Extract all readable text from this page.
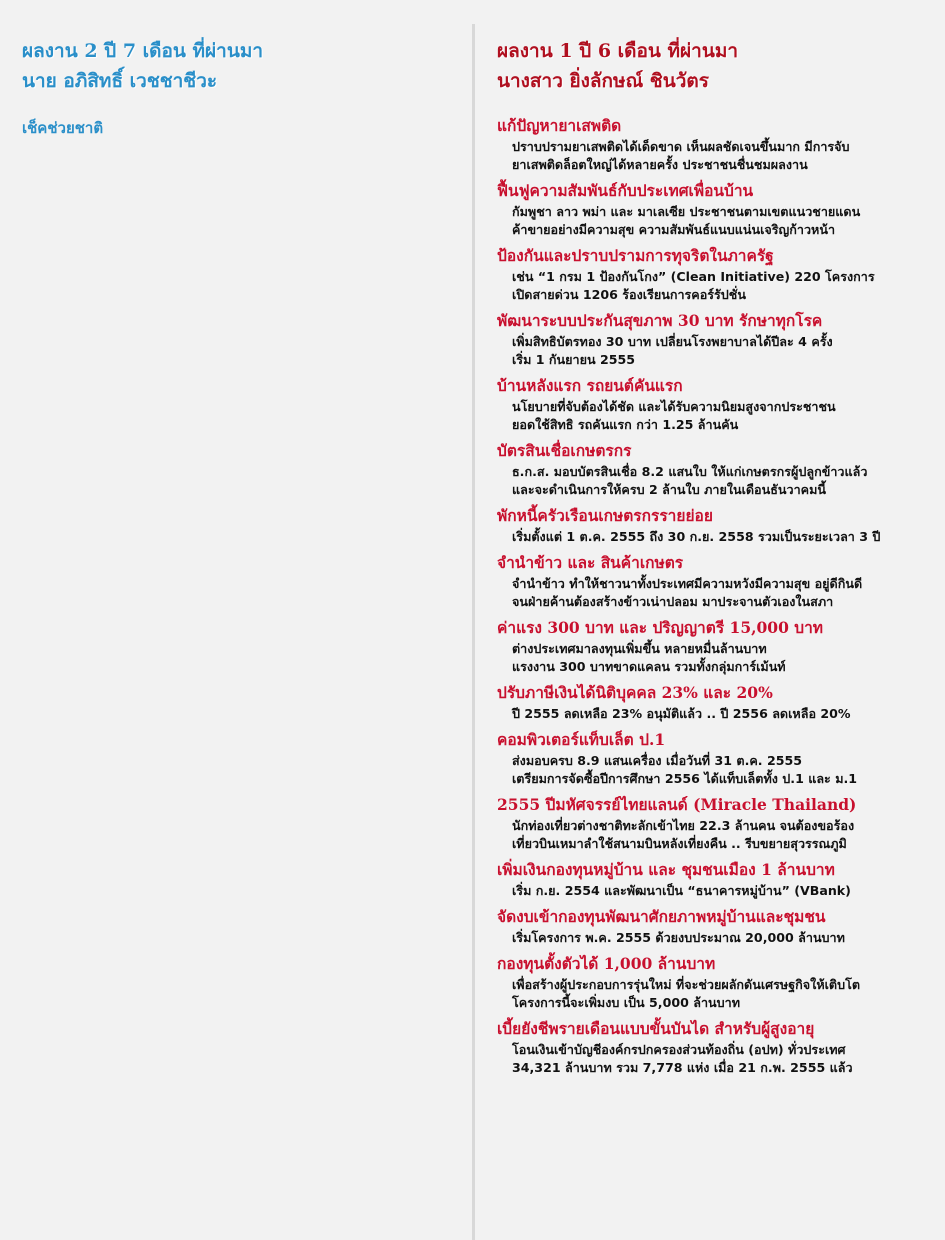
ผลงาน 2 ปี 7 เดือน ที่ผ่านมา
นาย อภิสิทธิ์ เวชชาชีวะ
เช็คช่วยชาติ
ผลงาน 1 ปี 6 เดือน ที่ผ่านมา
นางสาว ยิ่งลักษณ์ ชินวัตร
แก้ปัญหายาเสพติด
ปราบปรามยาเสพติดได้เด็ดขาด เห็นผลชัดเจนขึ้นมาก มีการจับ
ยาเสพติดล็อตใหญ่ได้หลายครั้ง ประชาชนชื่นชมผลงาน
ฟื้นฟูความสัมพันธ์กับประเทศเพื่อนบ้าน
กัมพูชา ลาว พม่า และ มาเลเซีย ประชาชนตามเขตแนวชายแดน
ค้าขายอย่างมีความสุข ความสัมพันธ์แนบแน่นเจริญก้าวหน้า
ป้องกันและปราบปรามการทุจริตในภาครัฐ
เช่น “1 กรม 1 ป้องกันโกง” (Clean Initiative) 220 โครงการ
เปิดสายด่วน 1206 ร้องเรียนการคอร์รัปชั่น
พัฒนาระบบประกันสุขภาพ 30 บาท รักษาทุกโรค
เพิ่มสิทธิบัตรทอง 30 บาท เปลี่ยนโรงพยาบาลได้ปีละ 4 ครั้ง
เริ่ม 1 กันยายน 2555
บ้านหลังแรก รถยนต์คันแรก
นโยบายที่จับต้องได้ชัด และได้รับความนิยมสูงจากประชาชน
ยอดใช้สิทธิ รถคันแรก กว่า 1.25 ล้านคัน
บัตรสินเชื่อเกษตรกร
ธ.ก.ส. มอบบัตรสินเชื่อ 8.2 แสนใบ ให้แก่เกษตรกรผู้ปลูกข้าวแล้ว
และจะดำเนินการให้ครบ 2 ล้านใบ ภายในเดือนธันวาคมนี้
พักหนี้ครัวเรือนเกษตรกรรายย่อย
เริ่มตั้งแต่ 1 ต.ค. 2555 ถึง 30 ก.ย. 2558 รวมเป็นระยะเวลา 3 ปี
จำนำข้าว และ สินค้าเกษตร
จำนำข้าว ทำให้ชาวนาทั้งประเทศมีความหวังมีความสุข อยู่ดีกินดี
จนฝ่ายค้านต้องสร้างข้าวเน่าปลอม มาประจานตัวเองในสภา
ค่าแรง 300 บาท และ ปริญญาตรี 15,000 บาท
ต่างประเทศมาลงทุนเพิ่มขึ้น หลายหมื่นล้านบาท
แรงงาน 300 บาทขาดแคลน รวมทั้งกลุ่มการ์เม้นท์
ปรับภาษีเงินได้นิติบุคคล 23% และ 20%
ปี 2555 ลดเหลือ 23% อนุมัติแล้ว .. ปี 2556 ลดเหลือ 20%
คอมพิวเตอร์แท็บเล็ต ป.1
ส่งมอบครบ 8.9 แสนเครื่อง เมื่อวันที่ 31 ต.ค. 2555
เตรียมการจัดซื้อปีการศึกษา 2556 ได้แท็บเล็ตทั้ง ป.1 และ ม.1
2555 ปีมหัศจรรย์ไทยแลนด์ (Miracle Thailand)
นักท่องเที่ยวต่างชาติทะลักเข้าไทย 22.3 ล้านคน จนต้องขอร้อง
เที่ยวบินเหมาลำใช้สนามบินหลังเที่ยงคืน .. รีบขยายสุวรรณภูมิ
เพิ่มเงินกองทุนหมู่บ้าน และ ชุมชนเมือง 1 ล้านบาท
เริ่ม ก.ย. 2554 และพัฒนาเป็น “ธนาคารหมู่บ้าน” (VBank)
จัดงบเข้ากองทุนพัฒนาศักยภาพหมู่บ้านและชุมชน
เริ่มโครงการ พ.ค. 2555 ด้วยงบประมาณ 20,000 ล้านบาท
กองทุนตั้งตัวได้ 1,000 ล้านบาท
เพื่อสร้างผู้ประกอบการรุ่นใหม่ ที่จะช่วยผลักดันเศรษฐกิจให้เติบโต
โครงการนี้จะเพิ่มงบ เป็น 5,000 ล้านบาท
เบี้ยยังชีพรายเดือนแบบขั้นบันได สำหรับผู้สูงอายุ
โอนเงินเข้าบัญชีองค์กรปกครองส่วนท้องถิ่น (อปท) ทั่วประเทศ
34,321 ล้านบาท รวม 7,778 แห่ง เมื่อ 21 ก.พ. 2555 แล้ว
